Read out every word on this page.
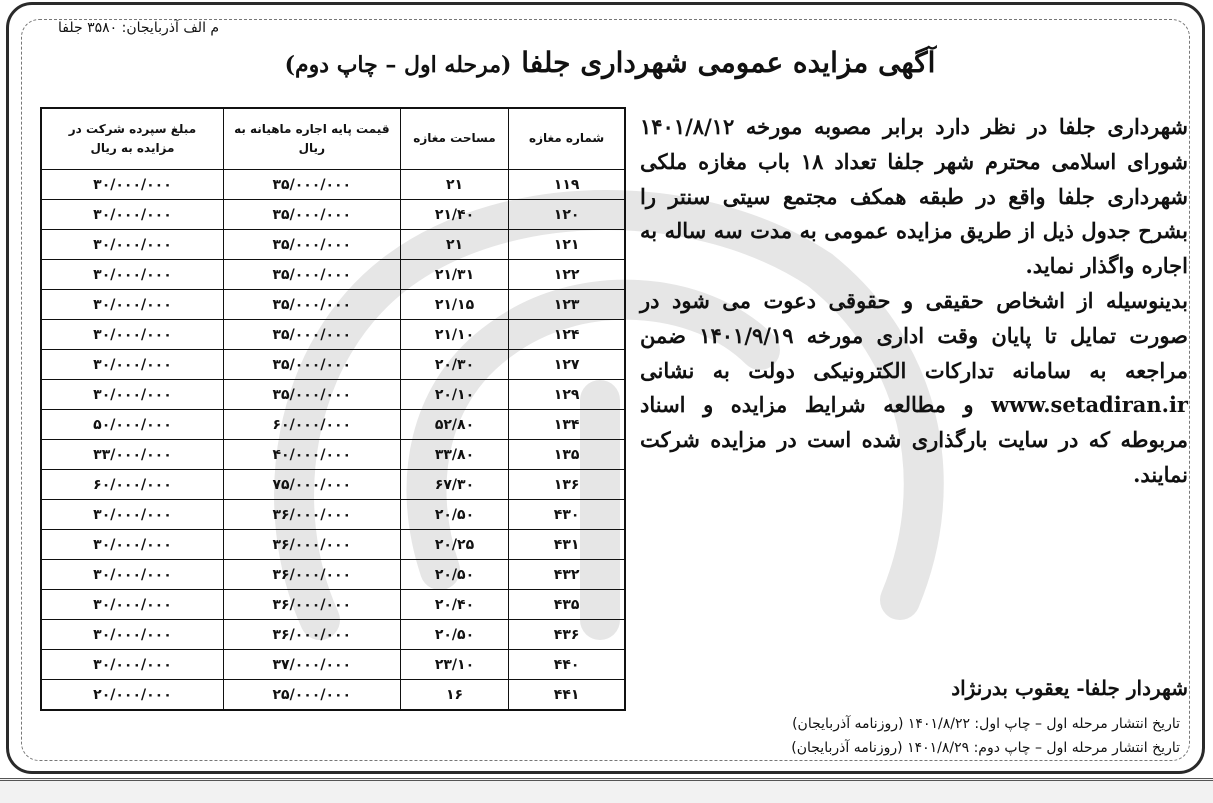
م الف آذربایجان: ۳۵۸۰ جلفا
آگهی مزایده عمومی شهرداری جلفا (مرحله اول – چاپ دوم)
شماره مغازه	مساحت مغازه	قیمت پایه اجاره ماهیانه به ریال	مبلغ سپرده شرکت در مزایده به ریال
۱۱۹	۲۱	۳۵/۰۰۰/۰۰۰	۳۰/۰۰۰/۰۰۰
۱۲۰	۲۱/۴۰	۳۵/۰۰۰/۰۰۰	۳۰/۰۰۰/۰۰۰
۱۲۱	۲۱	۳۵/۰۰۰/۰۰۰	۳۰/۰۰۰/۰۰۰
۱۲۲	۲۱/۳۱	۳۵/۰۰۰/۰۰۰	۳۰/۰۰۰/۰۰۰
۱۲۳	۲۱/۱۵	۳۵/۰۰۰/۰۰۰	۳۰/۰۰۰/۰۰۰
۱۲۴	۲۱/۱۰	۳۵/۰۰۰/۰۰۰	۳۰/۰۰۰/۰۰۰
۱۲۷	۲۰/۳۰	۳۵/۰۰۰/۰۰۰	۳۰/۰۰۰/۰۰۰
۱۲۹	۲۰/۱۰	۳۵/۰۰۰/۰۰۰	۳۰/۰۰۰/۰۰۰
۱۳۴	۵۲/۸۰	۶۰/۰۰۰/۰۰۰	۵۰/۰۰۰/۰۰۰
۱۳۵	۳۳/۸۰	۴۰/۰۰۰/۰۰۰	۳۳/۰۰۰/۰۰۰
۱۳۶	۶۷/۳۰	۷۵/۰۰۰/۰۰۰	۶۰/۰۰۰/۰۰۰
۴۳۰	۲۰/۵۰	۳۶/۰۰۰/۰۰۰	۳۰/۰۰۰/۰۰۰
۴۳۱	۲۰/۲۵	۳۶/۰۰۰/۰۰۰	۳۰/۰۰۰/۰۰۰
۴۳۲	۲۰/۵۰	۳۶/۰۰۰/۰۰۰	۳۰/۰۰۰/۰۰۰
۴۳۵	۲۰/۴۰	۳۶/۰۰۰/۰۰۰	۳۰/۰۰۰/۰۰۰
۴۳۶	۲۰/۵۰	۳۶/۰۰۰/۰۰۰	۳۰/۰۰۰/۰۰۰
۴۴۰	۲۳/۱۰	۳۷/۰۰۰/۰۰۰	۳۰/۰۰۰/۰۰۰
۴۴۱	۱۶	۲۵/۰۰۰/۰۰۰	۲۰/۰۰۰/۰۰۰

شهرداری جلفا در نظر دارد برابر مصوبه مورخه ۱۴۰۱/۸/۱۲ شورای اسلامی محترم شهر جلفا تعداد ۱۸ باب مغازه ملکی شهرداری جلفا واقع در طبقه همکف مجتمع سیتی سنتر را بشرح جدول ذیل از طریق مزایده عمومی به مدت سه ساله به اجاره واگذار نماید.

بدینوسیله از اشخاص حقیقی و حقوقی دعوت می شود در صورت تمایل تا پایان وقت اداری مورخه ۱۴۰۱/۹/۱۹ ضمن مراجعه به سامانه تدارکات الکترونیکی دولت به نشانی www.setadiran.ir و مطالعه شرایط مزایده و اسناد مربوطه که در سایت بارگذاری شده است در مزایده شرکت نمایند.

شهردار جلفا- یعقوب بدرنژاد
تاریخ انتشار مرحله اول – چاپ اول: ۱۴۰۱/۸/۲۲ (روزنامه آذربایجان)
تاریخ انتشار مرحله اول – چاپ دوم: ۱۴۰۱/۸/۲۹ (روزنامه آذربایجان)
